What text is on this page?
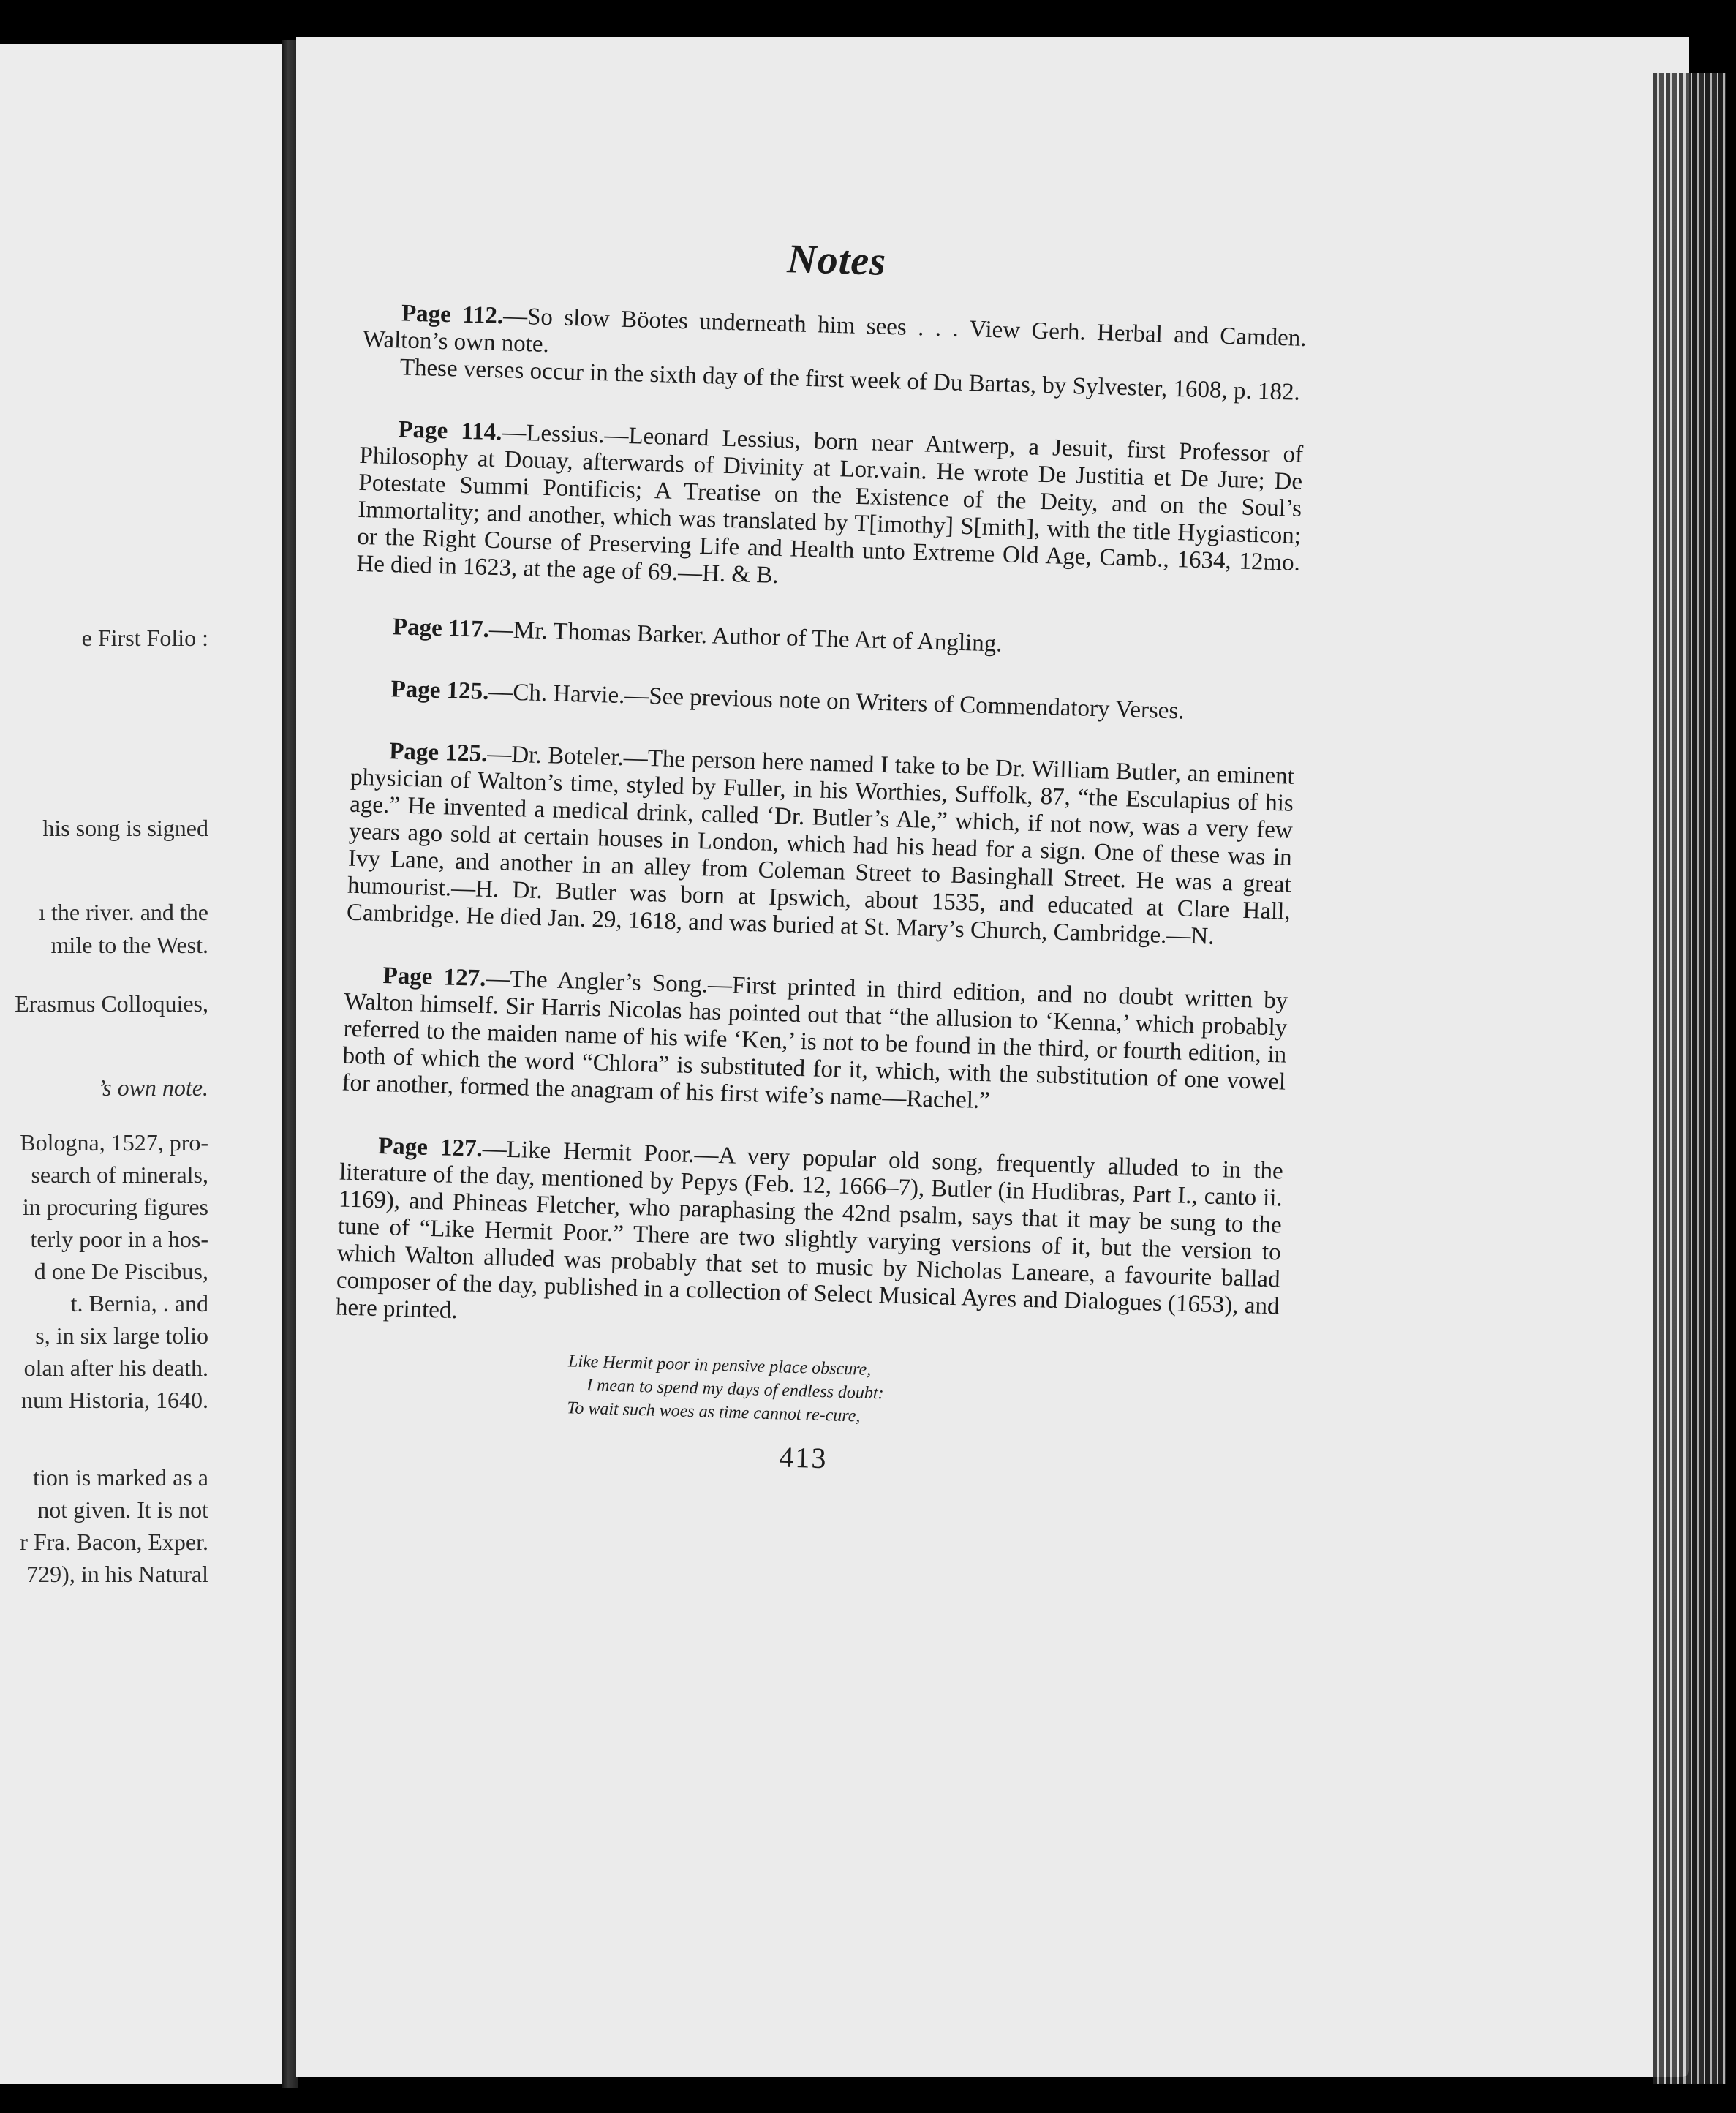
e First Folio :
his song is signed
ı the river. and the
mile to the West.
Erasmus Colloquies,
’s own note.
Bologna, 1527, pro-
search of minerals,
in procuring figures
terly poor in a hos-
d one De Piscibus,
t. Bernia, . and
s, in six large tolio
olan after his death.
num Historia, 1640.
tion is marked as a
not given. It is not
r Fra. Bacon, Exper.
729), in his Natural
Notes

Page 112.—So slow Böotes underneath him sees . . . View Gerh. Herbal and Camden. Walton’s own note.

These verses occur in the sixth day of the first week of Du Bartas, by Sylvester, 1608, p. 182.

Page 114.—Lessius.—Leonard Lessius, born near Antwerp, a Jesuit, first Professor of Philosophy at Douay, afterwards of Divinity at Lor.vain. He wrote De Justitia et De Jure; De Potestate Summi Pontificis; A Treatise on the Existence of the Deity, and on the Soul’s Immortality; and another, which was translated by T[imothy] S[mith], with the title Hygiasticon; or the Right Course of Preserving Life and Health unto Extreme Old Age, Camb., 1634, 12mo. He died in 1623, at the age of 69.—H. & B.

Page 117.—Mr. Thomas Barker. Author of The Art of Angling.

Page 125.—Ch. Harvie.—See previous note on Writers of Commendatory Verses.

Page 125.—Dr. Boteler.—The person here named I take to be Dr. William Butler, an eminent physician of Walton’s time, styled by Fuller, in his Worthies, Suffolk, 87, “the Esculapius of his age.” He invented a medical drink, called ‘Dr. Butler’s Ale,” which, if not now, was a very few years ago sold at certain houses in London, which had his head for a sign. One of these was in Ivy Lane, and another in an alley from Coleman Street to Basinghall Street. He was a great humourist.—H. Dr. Butler was born at Ipswich, about 1535, and educated at Clare Hall, Cambridge. He died Jan. 29, 1618, and was buried at St. Mary’s Church, Cambridge.—N.

Page 127.—The Angler’s Song.—First printed in third edition, and no doubt written by Walton himself. Sir Harris Nicolas has pointed out that “the allusion to ‘Kenna,’ which probably referred to the maiden name of his wife ‘Ken,’ is not to be found in the third, or fourth edition, in both of which the word “Chlora” is substituted for it, which, with the substitution of one vowel for another, formed the anagram of his first wife’s name—Rachel.”

Page 127.—Like Hermit Poor.—A very popular old song, frequently alluded to in the literature of the day, mentioned by Pepys (Feb. 12, 1666–7), Butler (in Hudibras, Part I., canto ii. 1169), and Phineas Fletcher, who paraphasing the 42nd psalm, says that it may be sung to the tune of “Like Hermit Poor.” There are two slightly varying versions of it, but the version to which Walton alluded was probably that set to music by Nicholas Laneare, a favourite ballad composer of the day, published in a collection of Select Musical Ayres and Dialogues (1653), and here printed.

Like Hermit poor in pensive place obscure,
I mean to spend my days of endless doubt:
To wait such woes as time cannot re-cure,
413
